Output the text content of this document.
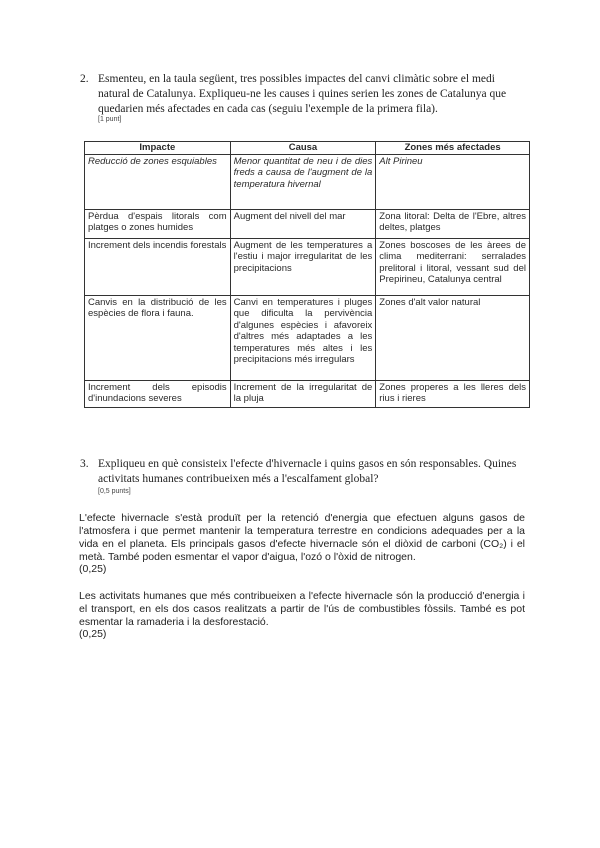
2. Esmenteu, en la taula següent, tres possibles impactes del canvi climàtic sobre el medi natural de Catalunya. Expliqueu-ne les causes i quines serien les zones de Catalunya que quedarien més afectades en cada cas (seguiu l'exemple de la primera fila).
[1 punt]
Impacte	Causa	Zones més afectades
Reducció de zones esquiables	Menor quantitat de neu i de dies freds a causa de l'augment de la temperatura hivernal	Alt Pirineu
Pèrdua d'espais litorals com platges o zones humides	Augment del nivell del mar	Zona litoral: Delta de l'Ebre, altres deltes, platges
Increment dels incendis forestals	Augment de les temperatures a l'estiu i major irregularitat de les precipitacions	Zones boscoses de les àrees de clima mediterrani: serralades prelitoral i litoral, vessant sud del Prepirineu, Catalunya central
Canvis en la distribució de les espècies de flora i fauna.	Canvi en temperatures i pluges que dificulta la pervivència d'algunes espècies i afavoreix d'altres més adaptades a les temperatures més altes i les precipitacions més irregulars	Zones d'alt valor natural
Increment dels episodis d'inundacions severes	Increment de la irregularitat de la pluja	Zones properes a les lleres dels rius i rieres
3. Expliqueu en què consisteix l'efecte d'hivernacle i quins gasos en són responsables. Quines activitats humanes contribueixen més a l'escalfament global?
[0,5 punts]
L'efecte hivernacle s'està produït per la retenció d'energia que efectuen alguns gasos de l'atmosfera i que permet mantenir la temperatura terrestre en condicions adequades per a la vida en el planeta. Els principals gasos d'efecte hivernacle són el diòxid de carboni (CO₂) i el metà. També poden esmentar el vapor d'aigua, l'ozó o l'òxid de nitrogen.
(0,25)
Les activitats humanes que més contribueixen a l'efecte hivernacle són la producció d'energia i el transport, en els dos casos realitzats a partir de l'ús de combustibles fòssils. També es pot esmentar la ramaderia i la desforestació.
(0,25)
